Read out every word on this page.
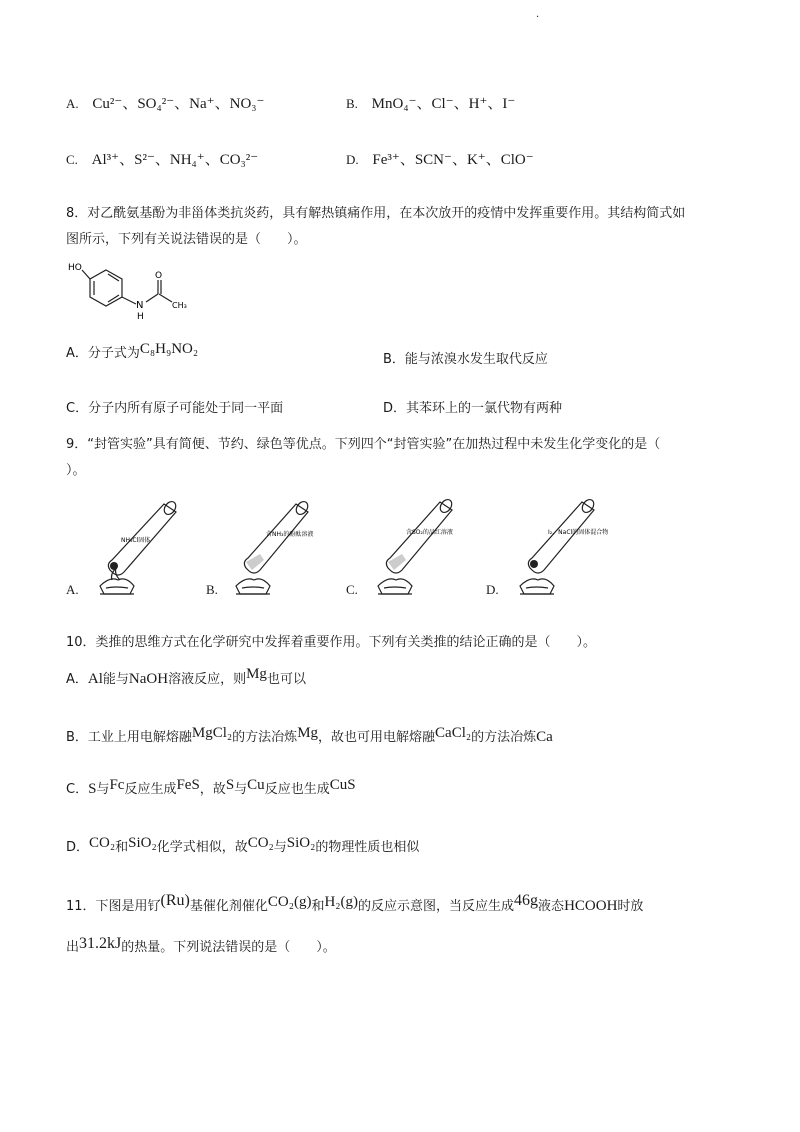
·
A. Cu²⁻、SO₄²⁻、Na⁺、NO₃⁻	B. MnO₄⁻、Cl⁻、H⁺、I⁻
C. Al³⁺、S²⁻、NH₄⁺、CO₃²⁻	D. Fe³⁺、SCN⁻、K⁺、ClO⁻
8．对乙酰氨基酚为非甾体类抗炎药，具有解热镇痛作用，在本次放开的疫情中发挥重要作用。其结构简式如
图所示，下列有关说法错误的是（　　）。
HO
N
H
O
CH₃
A．分子式为C₈H₉NO₂
B．能与浓溴水发生取代反应
C．分子内所有原子可能处于同一平面	D．其苯环上的一氯代物有两种
9．“封管实验”具有简便、节约、绿色等优点。下列四个“封管实验”在加热过程中未发生化学变化的是（
）。
NH₄Cl固体
A.
含NH₃的酚酞溶液
B.
含SO₂的品红溶液
C.
I₂、NaCl的固体混合物
D.
10．类推的思维方式在化学研究中发挥着重要作用。下列有关类推的结论正确的是（　　）。
A．Al能与NaOH溶液反应，则Mg也可以
B．工业上用电解熔融MgCl₂的方法冶炼Mg，故也可用电解熔融CaCl₂的方法冶炼Ca
C．S与Fc反应生成FeS，故S与Cu反应也生成CuS
D．CO₂和SiO₂化学式相似，故CO₂与SiO₂的物理性质也相似
11．下图是用钌(Ru)基催化剂催化CO₂(g)和H₂(g)的反应示意图，当反应生成46g液态HCOOH时放
出31.2kJ的热量。下列说法错误的是（　　）。
